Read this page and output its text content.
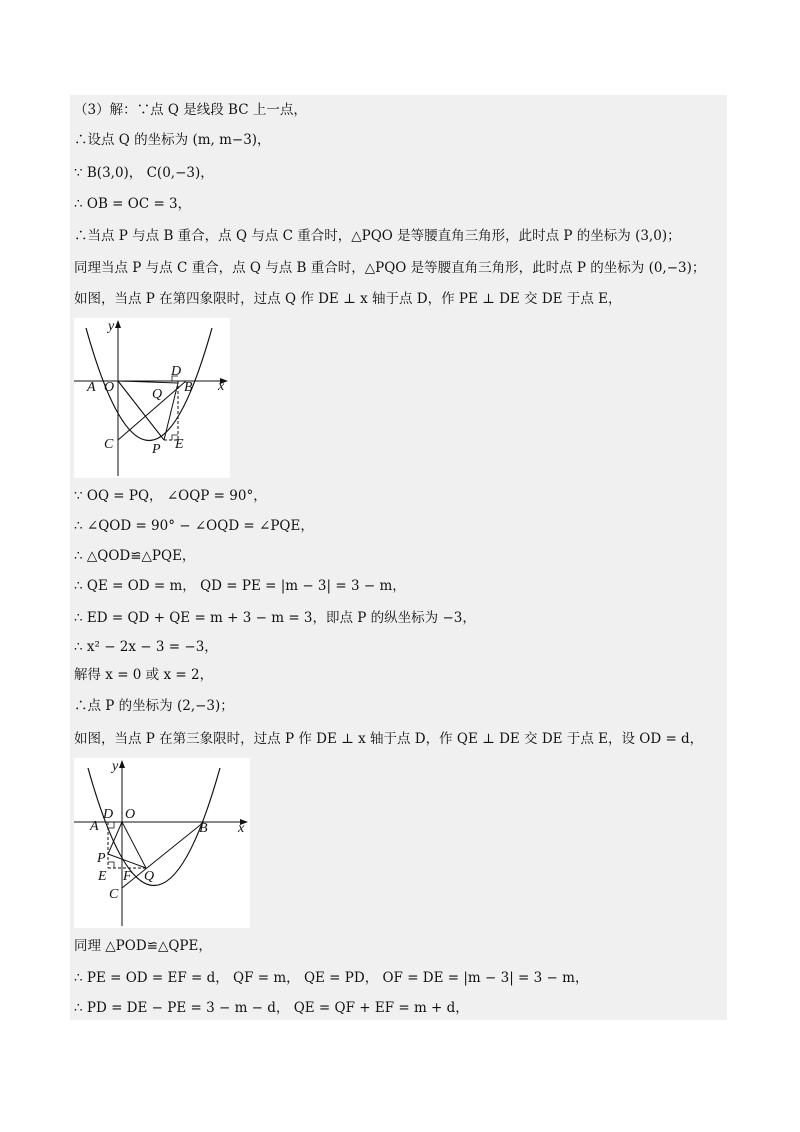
（3）解：∵点 Q 是线段 BC 上一点，
∴设点 Q 的坐标为 (m, m−3)，
∵ B(3,0)， C(0,−3)，
∴ OB = OC = 3，
∴当点 P 与点 B 重合，点 Q 与点 C 重合时，△PQO 是等腰直角三角形，此时点 P 的坐标为 (3,0)；
同理当点 P 与点 C 重合，点 Q 与点 B 重合时，△PQO 是等腰直角三角形，此时点 P 的坐标为 (0,−3)；
如图，当点 P 在第四象限时，过点 Q 作 DE ⊥ x 轴于点 D，作 PE ⊥ DE 交 DE 于点 E，
y
x
A O
D
B
Q
C	P E
∵ OQ = PQ， ∠OQP = 90°，
∴ ∠QOD = 90° − ∠OQD = ∠PQE，
∴ △QOD≌△PQE，
∴ QE = OD = m， QD = PE = |m − 3| = 3 − m，
∴ ED = QD + QE = m + 3 − m = 3，即点 P 的纵坐标为 −3，
∴ x² − 2x − 3 = −3，
解得 x = 0 或 x = 2，
∴点 P 的坐标为 (2,−3)；
如图，当点 P 在第三象限时，过点 P 作 DE ⊥ x 轴于点 D，作 QE ⊥ DE 交 DE 于点 E，设 OD = d，
y
x
D O
A	B
P
E F Q
C
同理 △POD≌△QPE，
∴ PE = OD = EF = d， QF = m， QE = PD， OF = DE = |m − 3| = 3 − m，
∴ PD = DE − PE = 3 − m − d， QE = QF + EF = m + d，
